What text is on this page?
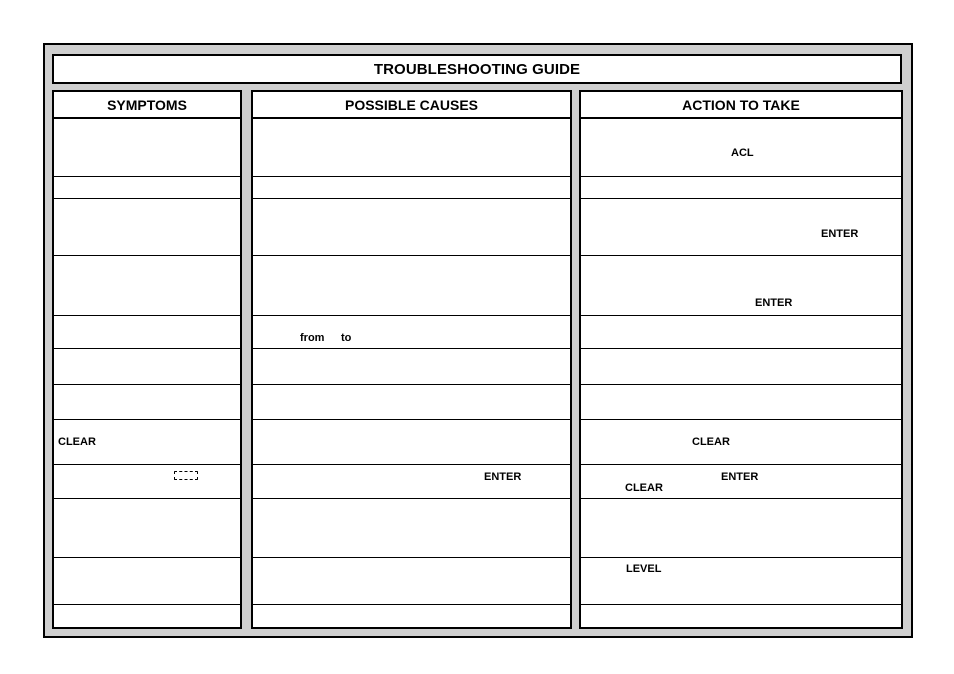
TROUBLESHOOTING GUIDE
SYMPTOMS
CLEAR
POSSIBLE CAUSES
from to
ENTER
ACTION TO TAKE
ACL
ENTER
ENTER
CLEAR
ENTER
CLEAR
LEVEL
